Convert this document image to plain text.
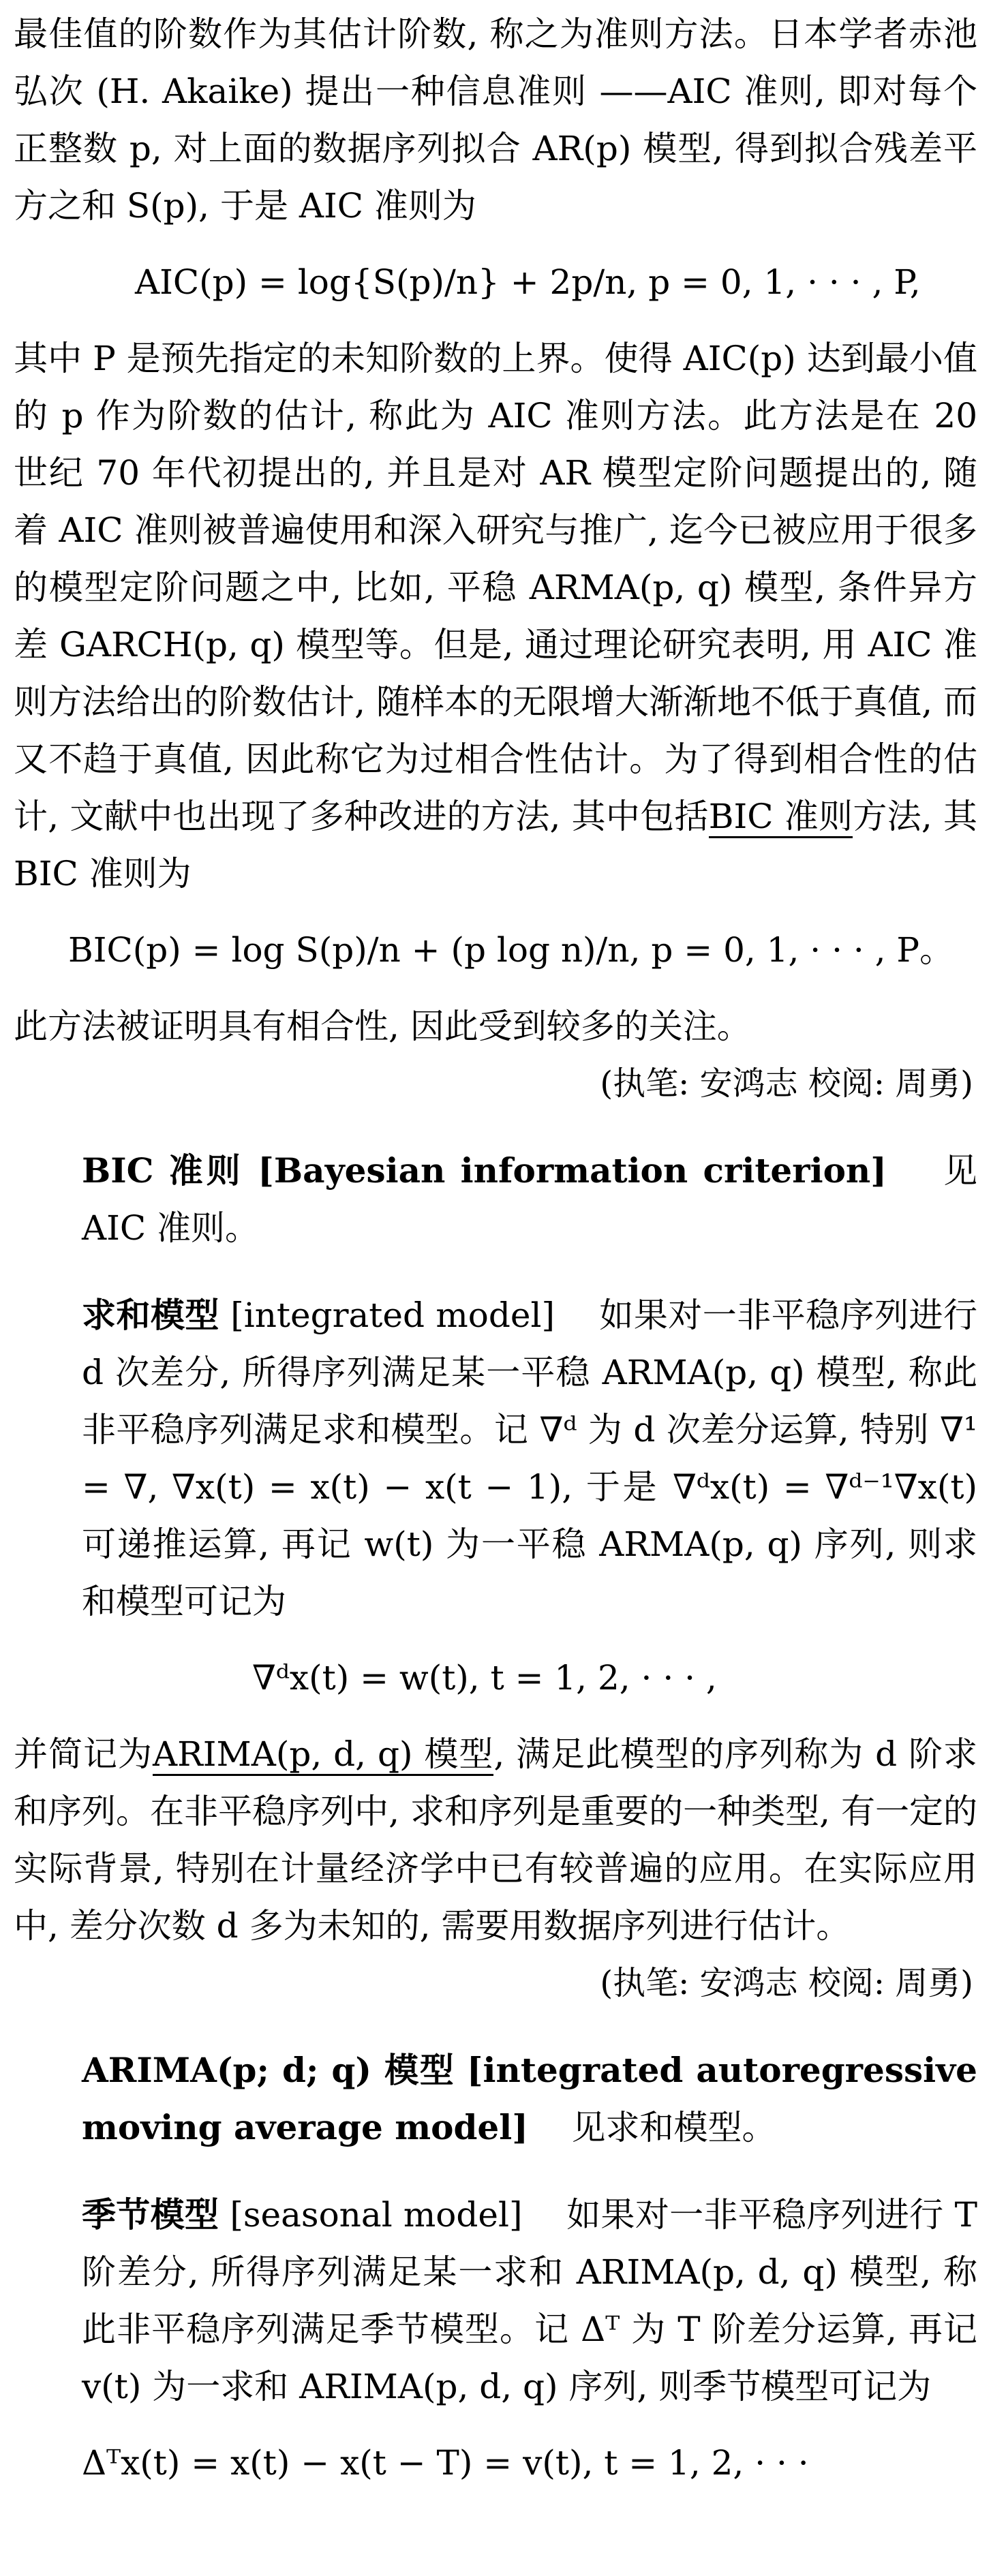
最佳值的阶数作为其估计阶数, 称之为准则方法。日本学者赤池弘次 (H. Akaike) 提出一种信息准则 ——AIC 准则, 即对每个正整数 p, 对上面的数据序列拟合 AR(p) 模型, 得到拟合残差平方之和 S(p), 于是 AIC 准则为

AIC(p) = log{S(p)/n} + 2p/n, p = 0, 1, · · · , P,

其中 P 是预先指定的未知阶数的上界。使得 AIC(p) 达到最小值的 p 作为阶数的估计, 称此为 AIC 准则方法。此方法是在 20 世纪 70 年代初提出的, 并且是对 AR 模型定阶问题提出的, 随着 AIC 准则被普遍使用和深入研究与推广, 迄今已被应用于很多的模型定阶问题之中, 比如, 平稳 ARMA(p, q) 模型, 条件异方差 GARCH(p, q) 模型等。但是, 通过理论研究表明, 用 AIC 准则方法给出的阶数估计, 随样本的无限增大渐渐地不低于真值, 而又不趋于真值, 因此称它为过相合性估计。为了得到相合性的估计, 文献中也出现了多种改进的方法, 其中包括BIC 准则方法, 其 BIC 准则为

BIC(p) = log S(p)/n + (p log n)/n, p = 0, 1, · · · , P。

此方法被证明具有相合性, 因此受到较多的关注。

(执笔: 安鸿志 校阅: 周勇)

BIC 准则 [Bayesian information criterion] 见AIC 准则。

求和模型 [integrated model] 如果对一非平稳序列进行 d 次差分, 所得序列满足某一平稳 ARMA(p, q) 模型, 称此非平稳序列满足求和模型。记 ∇ᵈ 为 d 次差分运算, 特别 ∇¹ = ∇, ∇x(t) = x(t) − x(t − 1), 于是 ∇ᵈx(t) = ∇ᵈ⁻¹∇x(t) 可递推运算, 再记 w(t) 为一平稳 ARMA(p, q) 序列, 则求和模型可记为

∇ᵈx(t) = w(t), t = 1, 2, · · · ,

并简记为ARIMA(p, d, q) 模型, 满足此模型的序列称为 d 阶求和序列。在非平稳序列中, 求和序列是重要的一种类型, 有一定的实际背景, 特别在计量经济学中已有较普遍的应用。在实际应用中, 差分次数 d 多为未知的, 需要用数据序列进行估计。

(执笔: 安鸿志 校阅: 周勇)

ARIMA(p; d; q) 模型 [integrated autoregressive moving average model] 见求和模型。

季节模型 [seasonal model] 如果对一非平稳序列进行 T 阶差分, 所得序列满足某一求和 ARIMA(p, d, q) 模型, 称此非平稳序列满足季节模型。记 Δᵀ 为 T 阶差分运算, 再记 v(t) 为一求和 ARIMA(p, d, q) 序列, 则季节模型可记为

Δᵀx(t) = x(t) − x(t − T) = v(t), t = 1, 2, · · ·
